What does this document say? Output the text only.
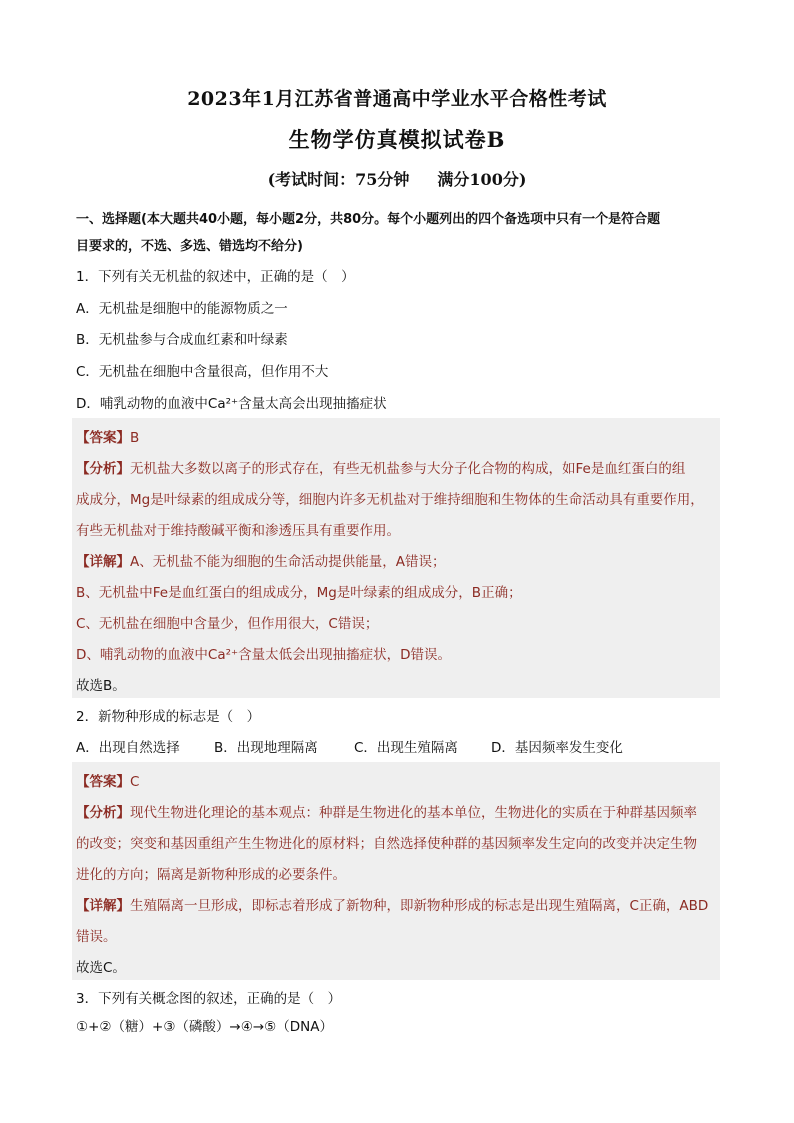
2023年1月江苏省普通高中学业水平合格性考试
生物学仿真模拟试卷B
(考试时间：75分钟 满分100分)
一、选择题(本大题共40小题，每小题2分，共80分。每个小题列出的四个备选项中只有一个是符合题
目要求的，不选、多选、错选均不给分)
1．下列有关无机盐的叙述中，正确的是（　）
A．无机盐是细胞中的能源物质之一
B．无机盐参与合成血红素和叶绿素
C．无机盐在细胞中含量很高，但作用不大
D．哺乳动物的血液中Ca²⁺含量太高会出现抽搐症状
【答案】B
【分析】无机盐大多数以离子的形式存在，有些无机盐参与大分子化合物的构成，如Fe是血红蛋白的组
成成分，Mg是叶绿素的组成成分等，细胞内许多无机盐对于维持细胞和生物体的生命活动具有重要作用，
有些无机盐对于维持酸碱平衡和渗透压具有重要作用。
【详解】A、无机盐不能为细胞的生命活动提供能量，A错误；
B、无机盐中Fe是血红蛋白的组成成分，Mg是叶绿素的组成成分，B正确；
C、无机盐在细胞中含量少，但作用很大，C错误；
D、哺乳动物的血液中Ca²⁺含量太低会出现抽搐症状，D错误。
故选B。
2．新物种形成的标志是（　）
A．出现自然选择	B．出现地理隔离	C．出现生殖隔离 D．基因频率发生变化
【答案】C
【分析】现代生物进化理论的基本观点：种群是生物进化的基本单位，生物进化的实质在于种群基因频率
的改变；突变和基因重组产生生物进化的原材料；自然选择使种群的基因频率发生定向的改变并决定生物
进化的方向；隔离是新物种形成的必要条件。
【详解】生殖隔离一旦形成，即标志着形成了新物种，即新物种形成的标志是出现生殖隔离，C正确，ABD
错误。
故选C。
3．下列有关概念图的叙述，正确的是（　）
①+②（糖）+③（磷酸）→④→⑤（DNA）
